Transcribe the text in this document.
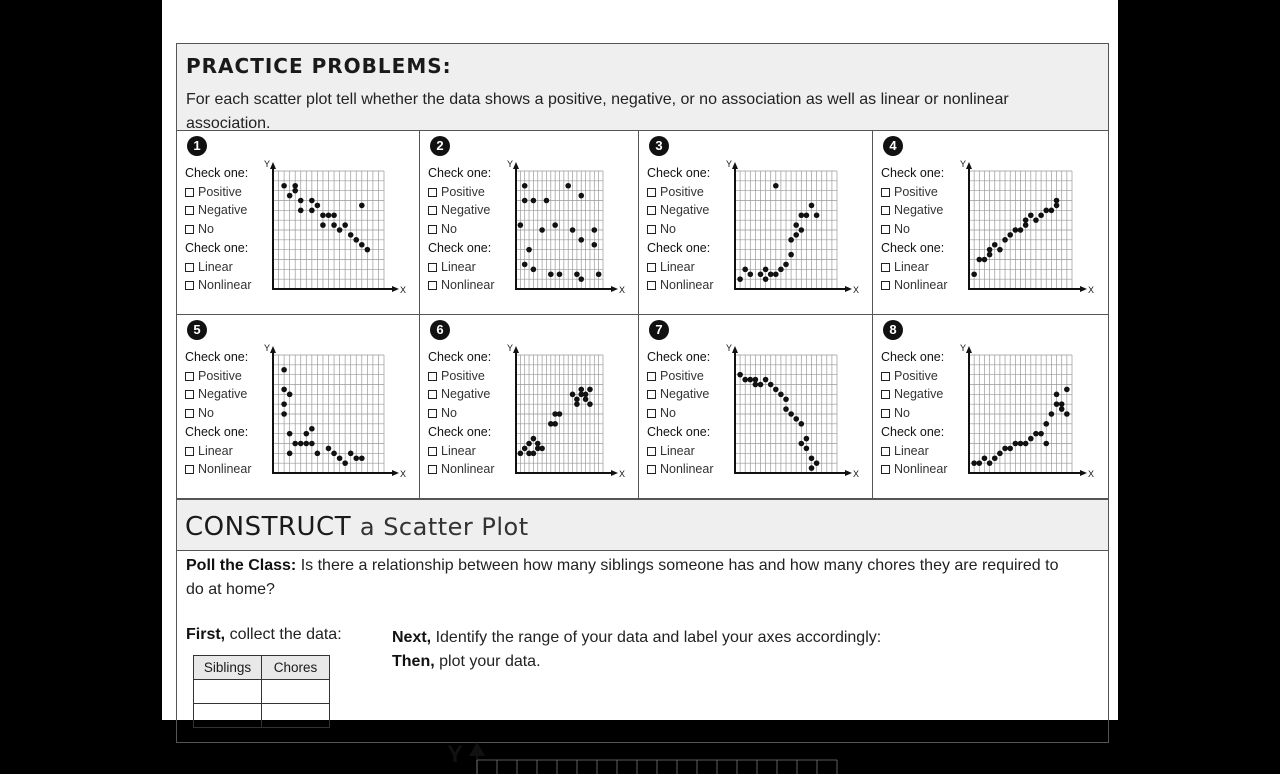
PRACTICE PROBLEMS:
For each scatter plot tell whether the data shows a positive, negative, or no association as well as linear or nonlinear association.
1
Check one:
Positive
Negative
No
Check one:
Linear
Nonlinear
Y
X
2
Check one:
Positive
Negative
No
Check one:
Linear
Nonlinear
Y
X
3
Check one:
Positive
Negative
No
Check one:
Linear
Nonlinear
Y
X
4
Check one:
Positive
Negative
No
Check one:
Linear
Nonlinear
Y
X
5
Check one:
Positive
Negative
No
Check one:
Linear
Nonlinear
Y
X
6
Check one:
Positive
Negative
No
Check one:
Linear
Nonlinear
Y
X
7
Check one:
Positive
Negative
No
Check one:
Linear
Nonlinear
Y
X
8
Check one:
Positive
Negative
No
Check one:
Linear
Nonlinear
Y
X
CONSTRUCT a Scatter Plot
Poll the Class: Is there a relationship between how many siblings someone has and how many chores they are required to do at home?
First, collect the data:	Next, Identify the range of your data and label your axes accordingly:
Then, plot your data.
Siblings	Chores

Y
